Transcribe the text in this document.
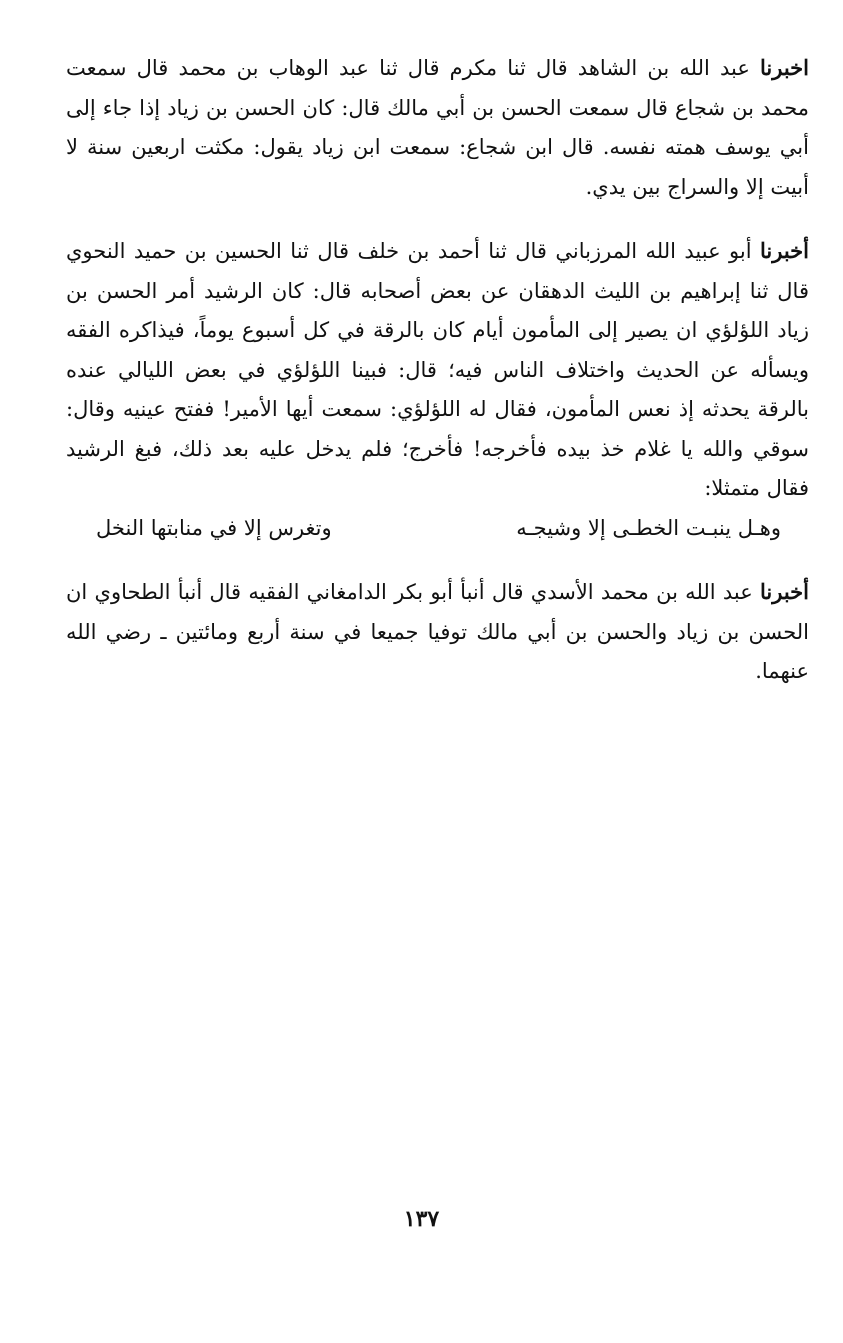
اخبرنا عبد الله بن الشاهد قال ثنا مكرم قال ثنا عبد الوهاب بن محمد قال سمعت محمد بن شجاع قال سمعت الحسن بن أبي مالك قال: كان الحسن بن زياد إذا جاء إلى أبي يوسف همته نفسه. قال ابن شجاع: سمعت ابن زياد يقول: مكثت اربعين سنة لا أبيت إلا والسراج بين يدي.

أخبرنا أبو عبيد الله المرزباني قال ثنا أحمد بن خلف قال ثنا الحسين بن حميد النحوي قال ثنا إبراهيم بن الليث الدهقان عن بعض أصحابه قال: كان الرشيد أمر الحسن بن زياد اللؤلؤي ان يصير إلى المأمون أيام كان بالرقة في كل أسبوع يوماً، فيذاكره الفقه ويسأله عن الحديث واختلاف الناس فيه؛ قال: فبينا اللؤلؤي في بعض الليالي عنده بالرقة يحدثه إذ نعس المأمون، فقال له اللؤلؤي: سمعت أيها الأمير! ففتح عينيه وقال: سوقي والله يا غلام خذ بيده فأخرجه! فأخرج؛ فلم يدخل عليه بعد ذلك، فبغ الرشيد فقال متمثلا:

وهـل ينبـت الخطـى إلا وشيجـه
وتغرس إلا في منابتها النخل

أخبرنا عبد الله بن محمد الأسدي قال أنبأ أبو بكر الدامغاني الفقيه قال أنبأ الطحاوي ان الحسن بن زياد والحسن بن أبي مالك توفيا جميعا في سنة أربع ومائتين ـ رضي الله عنهما.

١٣٧
